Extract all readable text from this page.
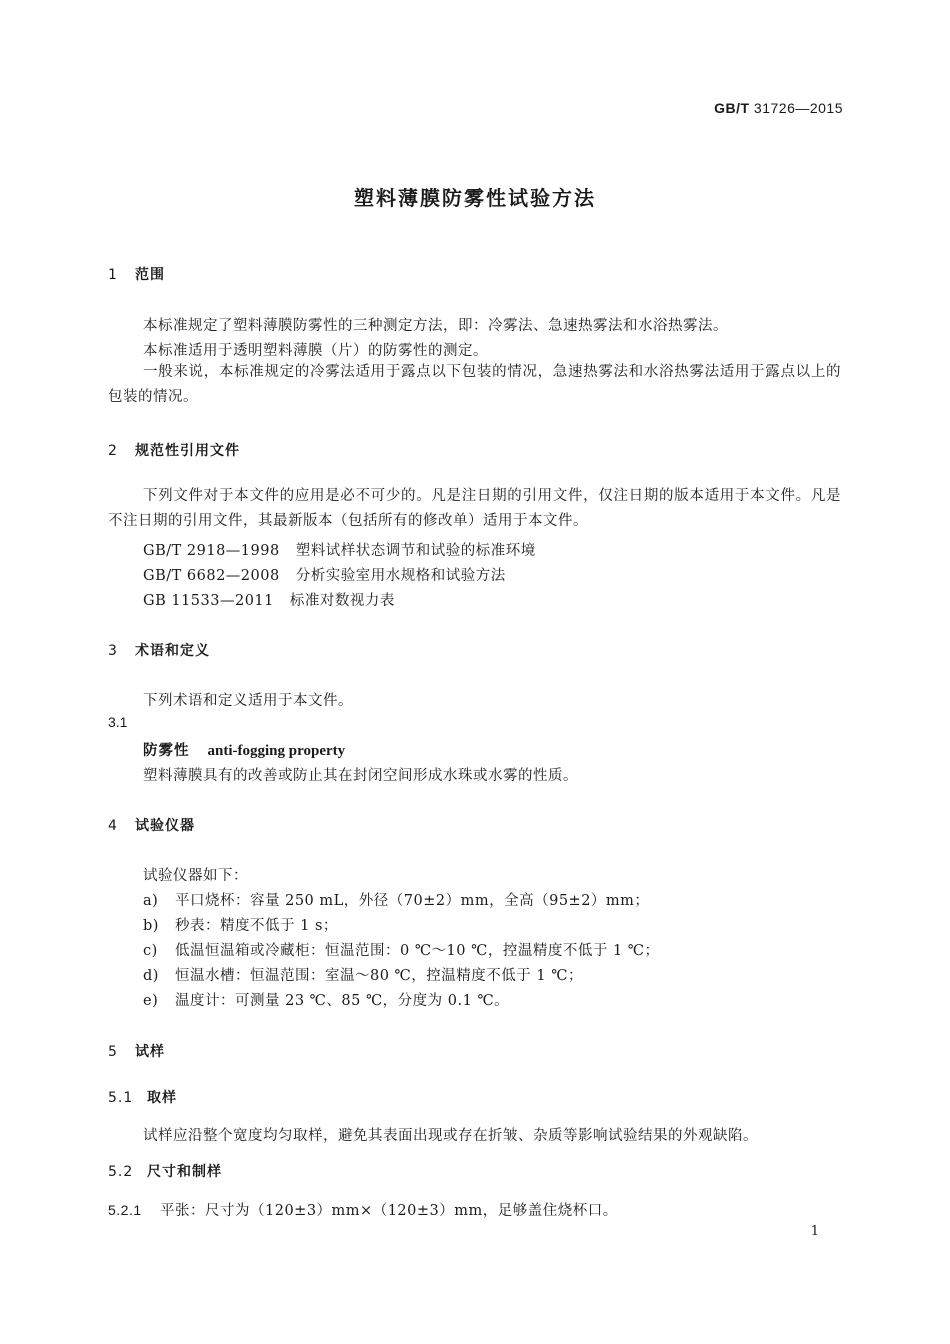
GB/T 31726—2015
塑料薄膜防雾性试验方法
1 范围
本标准规定了塑料薄膜防雾性的三种测定方法，即：冷雾法、急速热雾法和水浴热雾法。
本标准适用于透明塑料薄膜（片）的防雾性的测定。
一般来说，本标准规定的冷雾法适用于露点以下包装的情况，急速热雾法和水浴热雾法适用于露点以上的包装的情况。
2 规范性引用文件
下列文件对于本文件的应用是必不可少的。凡是注日期的引用文件，仅注日期的版本适用于本文件。凡是不注日期的引用文件，其最新版本（包括所有的修改单）适用于本文件。
GB/T 2918—1998 塑料试样状态调节和试验的标准环境
GB/T 6682—2008 分析实验室用水规格和试验方法
GB 11533—2011 标准对数视力表
3 术语和定义
下列术语和定义适用于本文件。
3.1
防雾性 anti-fogging property
塑料薄膜具有的改善或防止其在封闭空间形成水珠或水雾的性质。
4 试验仪器
试验仪器如下：
a) 平口烧杯：容量 250 mL，外径（70±2）mm，全高（95±2）mm；
b) 秒表：精度不低于 1 s；
c) 低温恒温箱或冷藏柜：恒温范围：0 ℃～10 ℃，控温精度不低于 1 ℃；
d) 恒温水槽：恒温范围：室温～80 ℃，控温精度不低于 1 ℃；
e) 温度计：可测量 23 ℃、85 ℃，分度为 0.1 ℃。
5 试样
5.1 取样
试样应沿整个宽度均匀取样，避免其表面出现或存在折皱、杂质等影响试验结果的外观缺陷。
5.2 尺寸和制样
5.2.1 平张：尺寸为（120±3）mm×（120±3）mm，足够盖住烧杯口。
1
